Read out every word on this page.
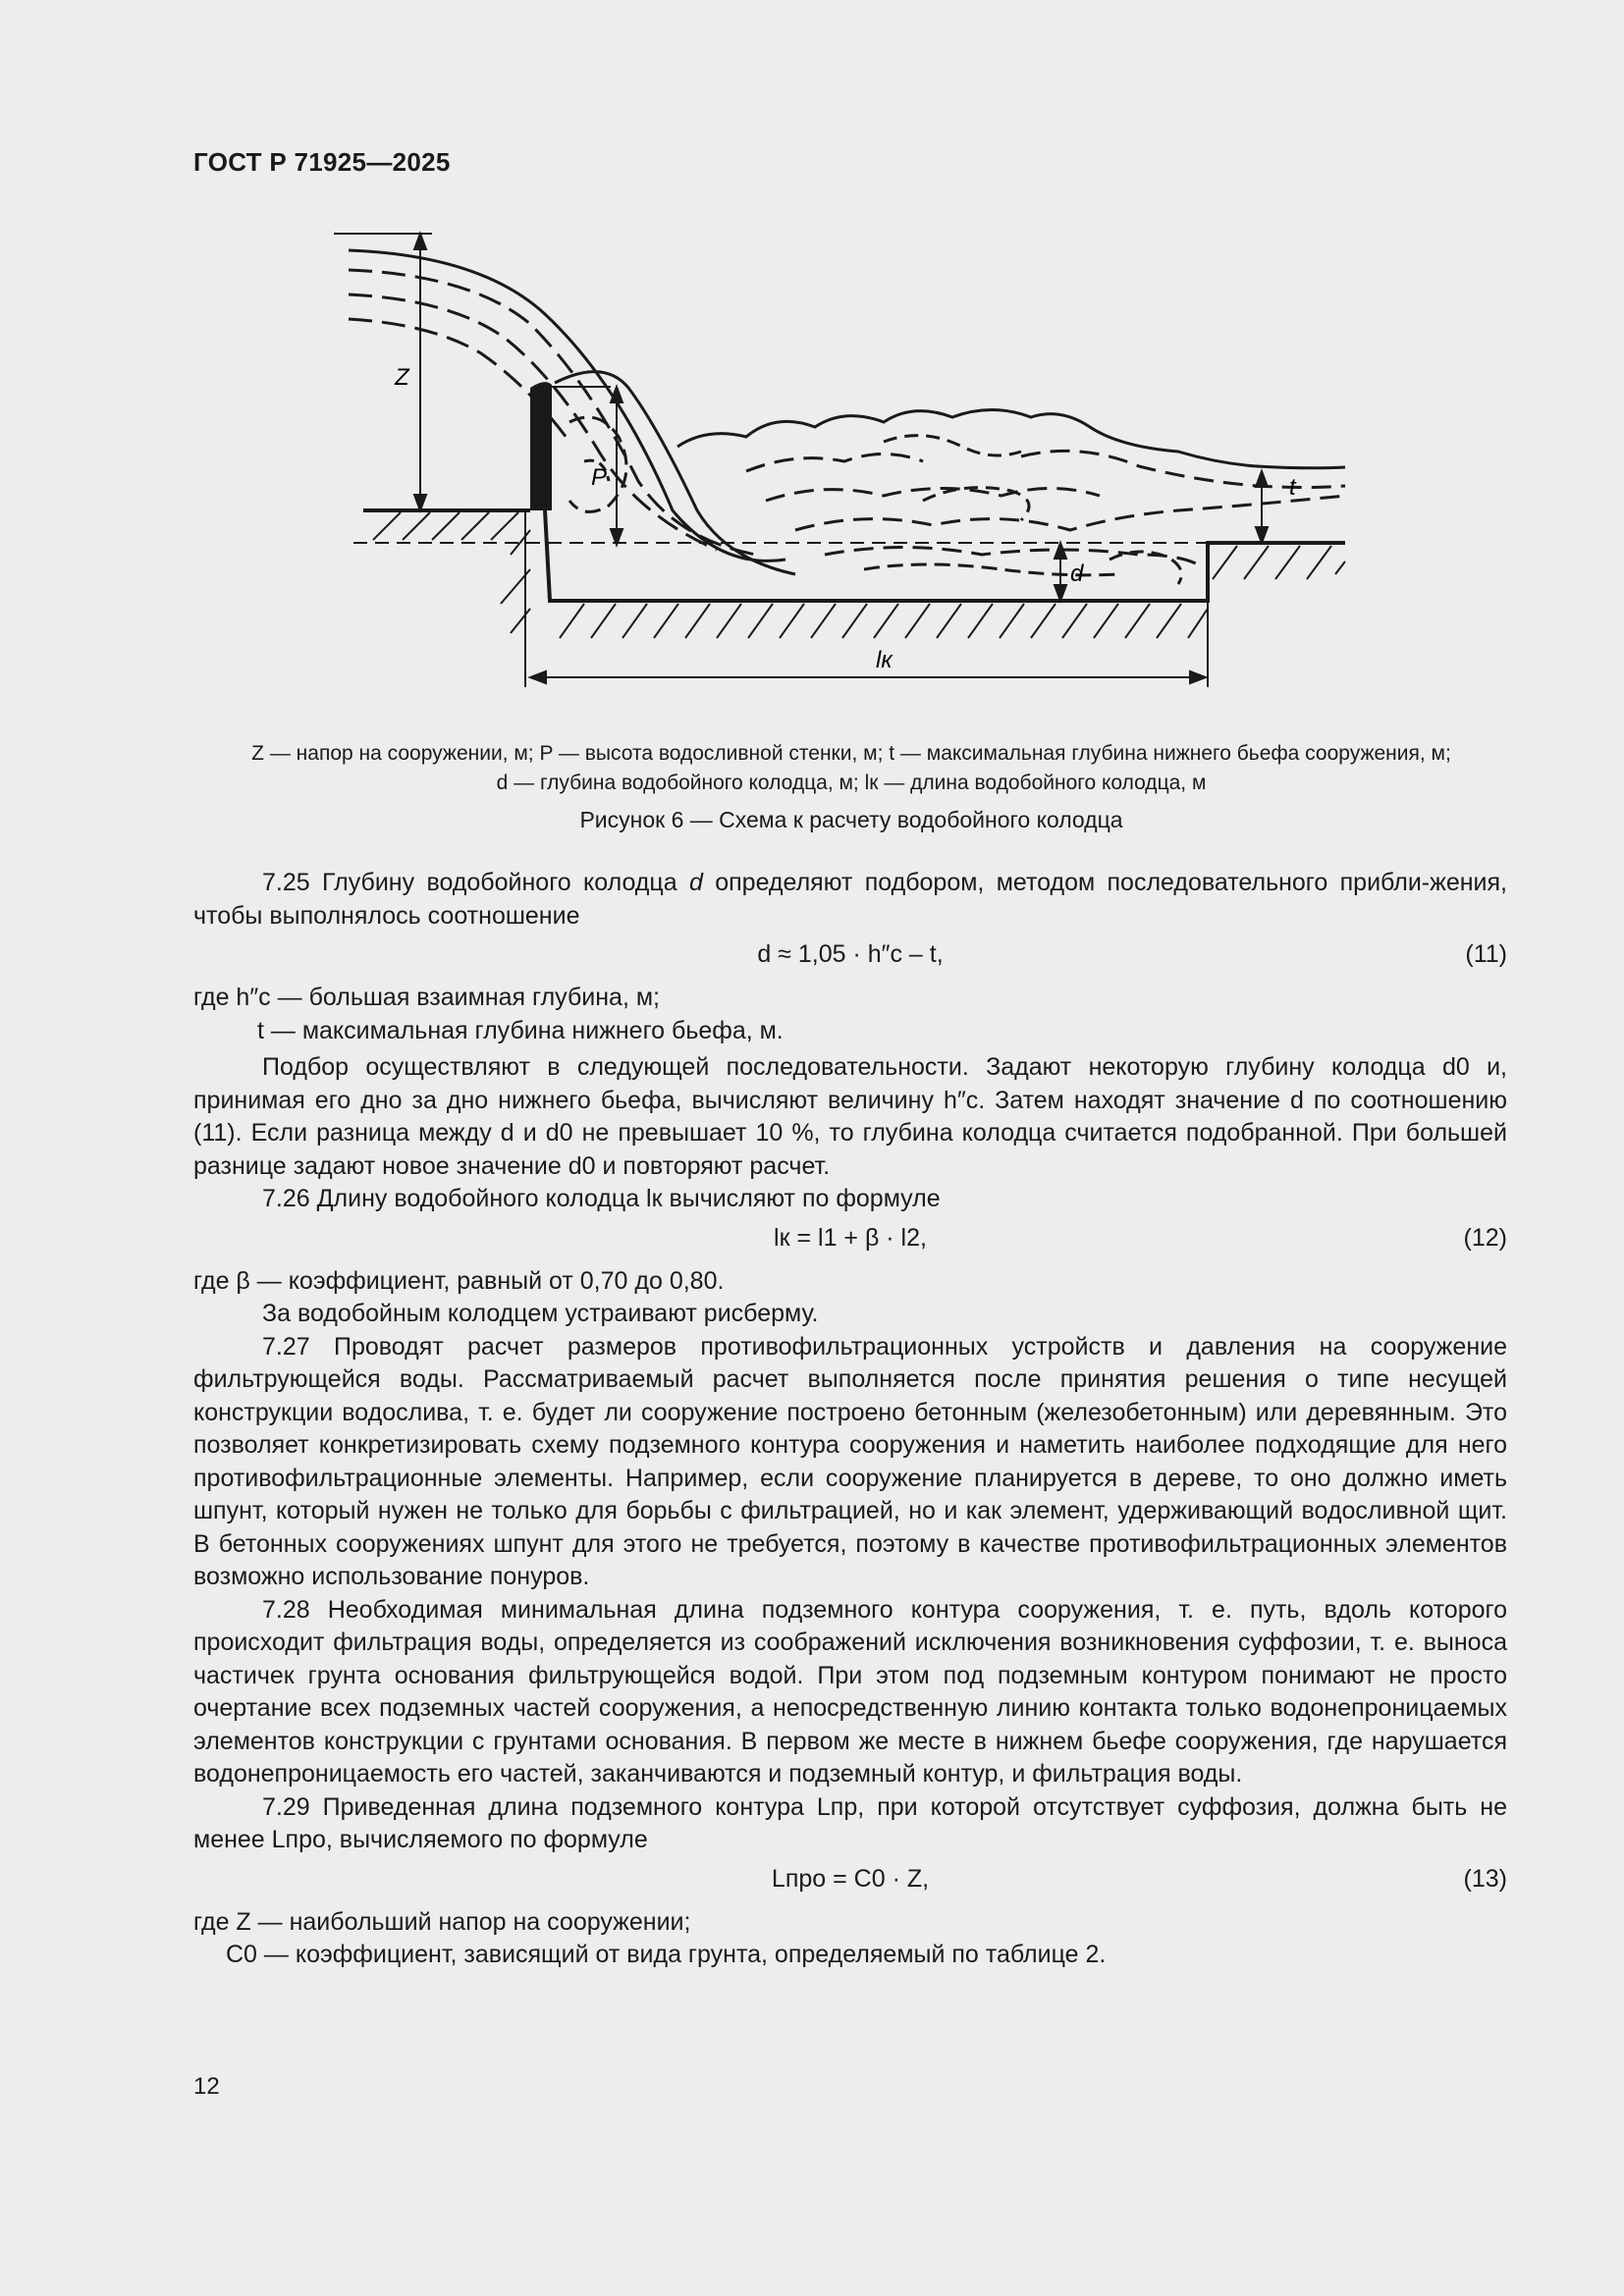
ГОСТ Р 71925—2025
Z
P	t
d
lк
Z — напор на сооружении, м; P — высота водосливной стенки, м; t — максимальная глубина нижнего бьефа сооружения, м;
d — глубина водобойного колодца, м; lк — длина водобойного колодца, м
Рисунок 6 — Схема к расчету водобойного колодца

7.25 Глубину водобойного колодца d определяют подбором, методом последовательного прибли-жения, чтобы выполнялось соотношение

d ≈ 1,05 · h″c – t,	(11)

где h″c — большая взаимная глубина, м;

t — максимальная глубина нижнего бьефа, м.

Подбор осуществляют в следующей последовательности. Задают некоторую глубину колодца d0 и, принимая его дно за дно нижнего бьефа, вычисляют величину h″c. Затем находят значение d по соотношению (11). Если разница между d и d0 не превышает 10 %, то глубина колодца считается подобранной. При большей разнице задают новое значение d0 и повторяют расчет.

7.26 Длину водобойного колодца lк вычисляют по формуле

lк = l1 + β · l2,	(12)

где β — коэффициент, равный от 0,70 до 0,80.

За водобойным колодцем устраивают рисберму.

7.27 Проводят расчет размеров противофильтрационных устройств и давления на сооружение фильтрующейся воды. Рассматриваемый расчет выполняется после принятия решения о типе несущей конструкции водослива, т. е. будет ли сооружение построено бетонным (железобетонным) или деревянным. Это позволяет конкретизировать схему подземного контура сооружения и наметить наиболее подходящие для него противофильтрационные элементы. Например, если сооружение планируется в дереве, то оно должно иметь шпунт, который нужен не только для борьбы с фильтрацией, но и как элемент, удерживающий водосливной щит. В бетонных сооружениях шпунт для этого не требуется, поэтому в качестве противофильтрационных элементов возможно использование понуров.

7.28 Необходимая минимальная длина подземного контура сооружения, т. е. путь, вдоль которого происходит фильтрация воды, определяется из соображений исключения возникновения суффозии, т. е. выноса частичек грунта основания фильтрующейся водой. При этом под подземным контуром понимают не просто очертание всех подземных частей сооружения, а непосредственную линию контакта только водонепроницаемых элементов конструкции с грунтами основания. В первом же месте в нижнем бьефе сооружения, где нарушается водонепроницаемость его частей, заканчиваются и подземный контур, и фильтрация воды.

7.29 Приведенная длина подземного контура Lпр, при которой отсутствует суффозия, должна быть не менее Lпро, вычисляемого по формуле

Lпро = C0 · Z,	(13)

где Z — наибольший напор на сооружении;

C0 — коэффициент, зависящий от вида грунта, определяемый по таблице 2.

12
